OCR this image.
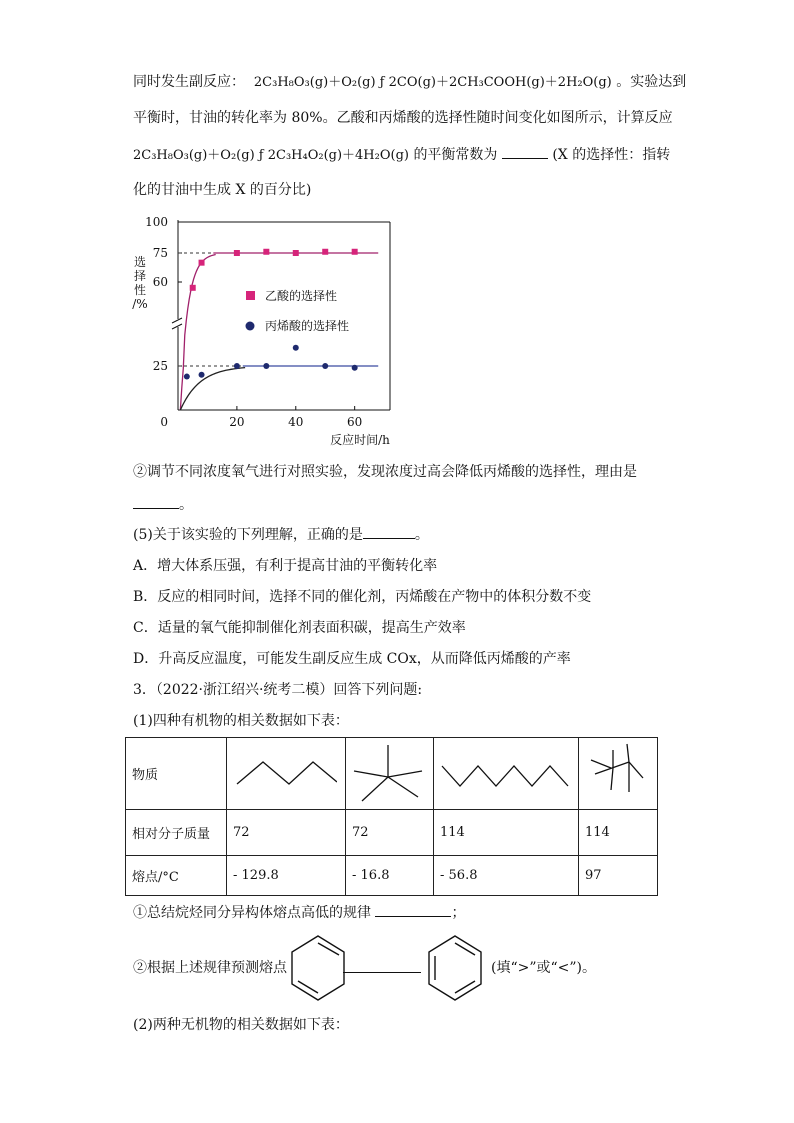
同时发生副反应： 2C₃H₈O₃(g)＋O₂(g) ƒ 2CO(g)＋2CH₃COOH(g)＋2H₂O(g) 。实验达到
平衡时，甘油的转化率为 80%。乙酸和丙烯酸的选择性随时间变化如图所示，计算反应
2C₃H₈O₃(g)＋O₂(g) ƒ 2C₃H₄O₂(g)＋4H₂O(g) 的平衡常数为	(X 的选择性：指转
化的甘油中生成 X 的百分比)
0
25
60
75
100
20	40	60
选
择
性
/%
反应时间/h
乙酸的选择性
丙烯酸的选择性
②调节不同浓度氧气进行对照实验，发现浓度过高会降低丙烯酸的选择性，理由是
。
(5)关于该实验的下列理解，正确的是	。
A．增大体系压强，有利于提高甘油的平衡转化率
B．反应的相同时间，选择不同的催化剂，丙烯酸在产物中的体积分数不变
C．适量的氧气能抑制催化剂表面积碳，提高生产效率
D．升高反应温度，可能发生副反应生成 COx，从而降低丙烯酸的产率
3．（2022·浙江绍兴·统考二模）回答下列问题:
(1)四种有机物的相关数据如下表：
物质				
相对分子质量	72	72	114	114
熔点/°C	- 129.8	- 16.8	- 56.8	97
①总结烷烃同分异构体熔点高低的规律	；
②根据上述规律预测熔点	(填“>”或“<”)。
(2)两种无机物的相关数据如下表：
